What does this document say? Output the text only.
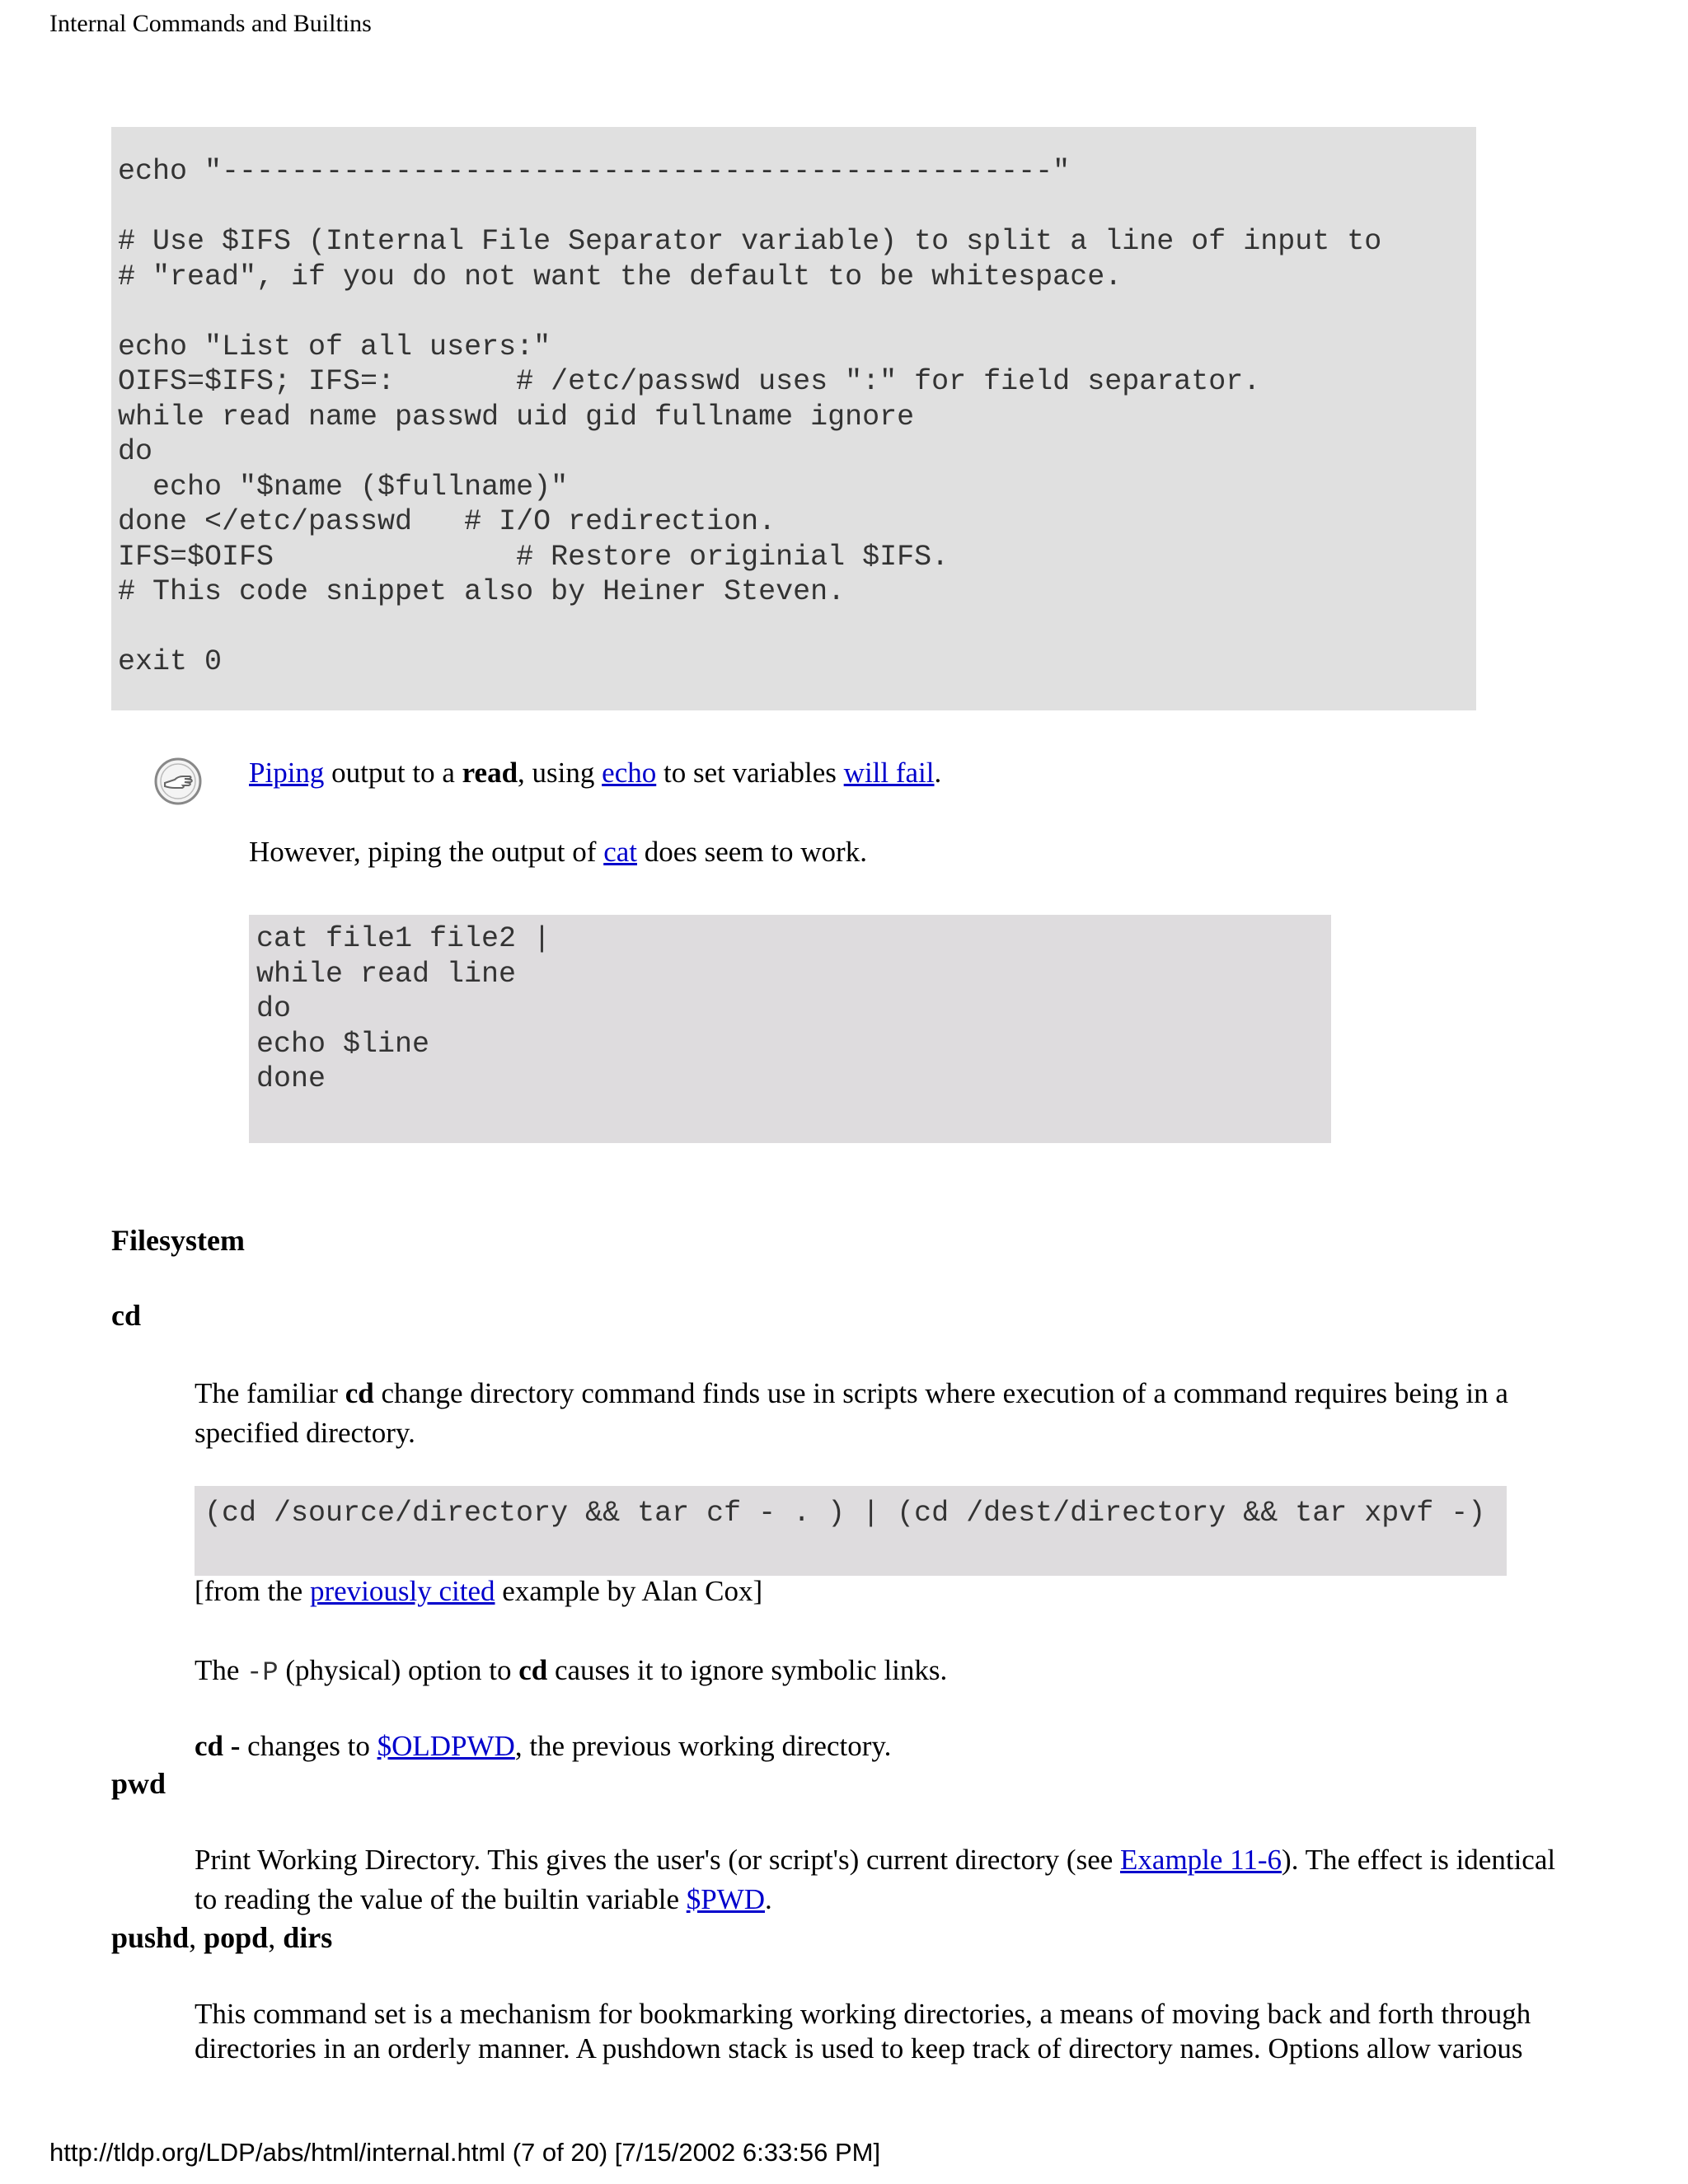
Internal Commands and Builtins
echo "------------------------------------------------"

# Use $IFS (Internal File Separator variable) to split a line of input to
# "read", if you do not want the default to be whitespace.

echo "List of all users:"
OIFS=$IFS; IFS=:       # /etc/passwd uses ":" for field separator.
while read name passwd uid gid fullname ignore
do
echo "$name ($fullname)"
done </etc/passwd   # I/O redirection.
IFS=$OIFS              # Restore originial $IFS.
# This code snippet also by Heiner Steven.

exit 0
Piping output to a read, using echo to set variables will fail.
However, piping the output of cat does seem to work.
cat file1 file2 |
while read line
do
echo $line
done
Filesystem
cd
The familiar cd change directory command finds use in scripts where execution of a command requires being in a
specified directory.
(cd /source/directory && tar cf - . ) | (cd /dest/directory && tar xpvf -)
[from the previously cited example by Alan Cox]
The -P (physical) option to cd causes it to ignore symbolic links.
cd - changes to $OLDPWD, the previous working directory.
pwd
Print Working Directory. This gives the user's (or script's) current directory (see Example 11-6). The effect is identical
to reading the value of the builtin variable $PWD.
pushd, popd, dirs
This command set is a mechanism for bookmarking working directories, a means of moving back and forth through
directories in an orderly manner. A pushdown stack is used to keep track of directory names. Options allow various
http://tldp.org/LDP/abs/html/internal.html (7 of 20) [7/15/2002 6:33:56 PM]
